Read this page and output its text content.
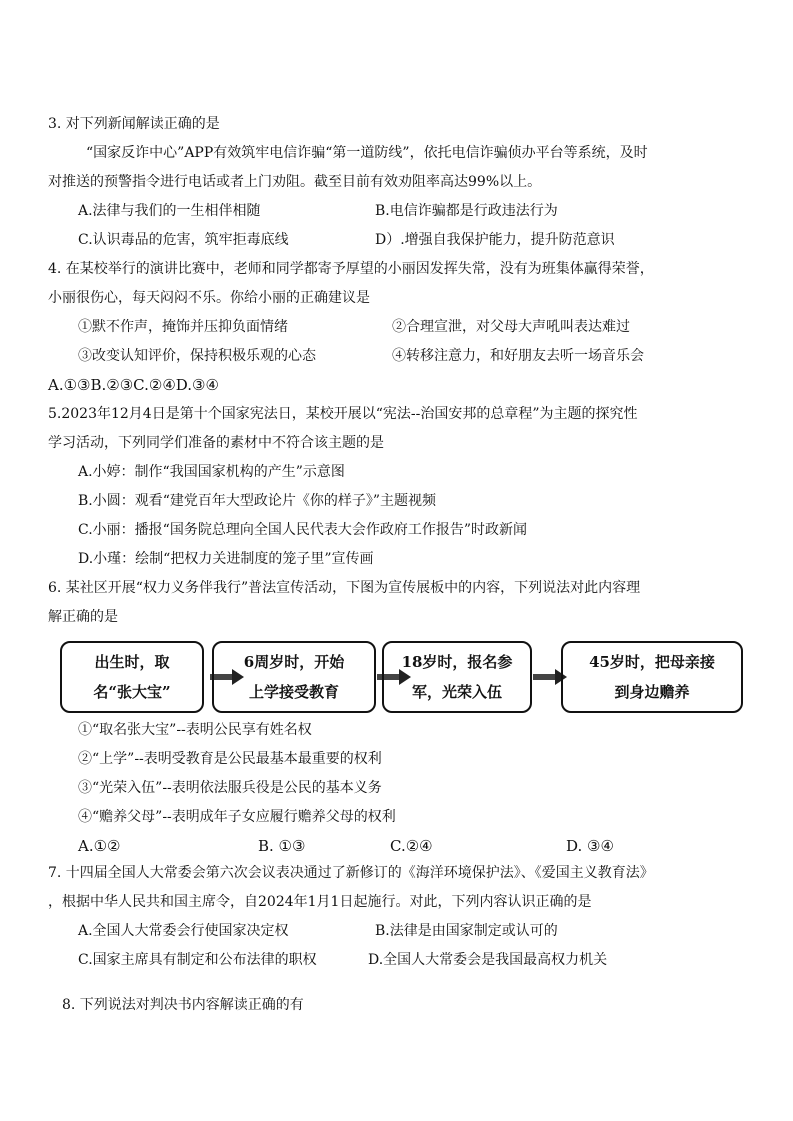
3. 对下列新闻解读正确的是
“国家反诈中心”APP有效筑牢电信诈骗“第一道防线”，依托电信诈骗侦办平台等系统，及时
对推送的预警指令进行电话或者上门劝阻。截至目前有效劝阻率高达99%以上。
A.法律与我们的一生相伴相随	B.电信诈骗都是行政违法行为
C.认识毒品的危害，筑牢拒毒底线	D）.增强自我保护能力，提升防范意识
4. 在某校举行的演讲比赛中，老师和同学都寄予厚望的小丽因发挥失常，没有为班集体赢得荣誉，
小丽很伤心，每天闷闷不乐。你给小丽的正确建议是
①默不作声，掩饰并压抑负面情绪	②合理宣泄，对父母大声吼叫表达难过
③改变认知评价，保持积极乐观的心态	④转移注意力，和好朋友去听一场音乐会
A.①③B.②③C.②④D.③④
5.2023年12月4日是第十个国家宪法日，某校开展以“宪法--治国安邦的总章程”为主题的探究性
学习活动，下列同学们准备的素材中不符合该主题的是
A.小婷：制作“我国国家机构的产生”示意图
B.小圆：观看“建党百年大型政论片《你的样子》”主题视频
C.小丽：播报“国务院总理向全国人民代表大会作政府工作报告”时政新闻
D.小瑾：绘制“把权力关进制度的笼子里”宣传画
6. 某社区开展“权力义务伴我行”普法宣传活动，下图为宣传展板中的内容，下列说法对此内容理
解正确的是
出生时，取
名“张大宝”
6周岁时，开始
上学接受教育
18岁时，报名参
军，光荣入伍
45岁时，把母亲接
到身边赡养
①“取名张大宝”--表明公民享有姓名权
②“上学”--表明受教育是公民最基本最重要的权利
③“光荣入伍”--表明依法服兵役是公民的基本义务
④“赡养父母”--表明成年子女应履行赡养父母的权利
A.①②	B. ①③	C.②④	D. ③④
7. 十四届全国人大常委会第六次会议表决通过了新修订的《海洋环境保护法》、《爱国主义教育法》
，根据中华人民共和国主席令，自2024年1月1日起施行。对此，下列内容认识正确的是
A.全国人大常委会行使国家决定权	B.法律是由国家制定或认可的
C.国家主席具有制定和公布法律的职权	D.全国人大常委会是我国最高权力机关
8. 下列说法对判决书内容解读正确的有
